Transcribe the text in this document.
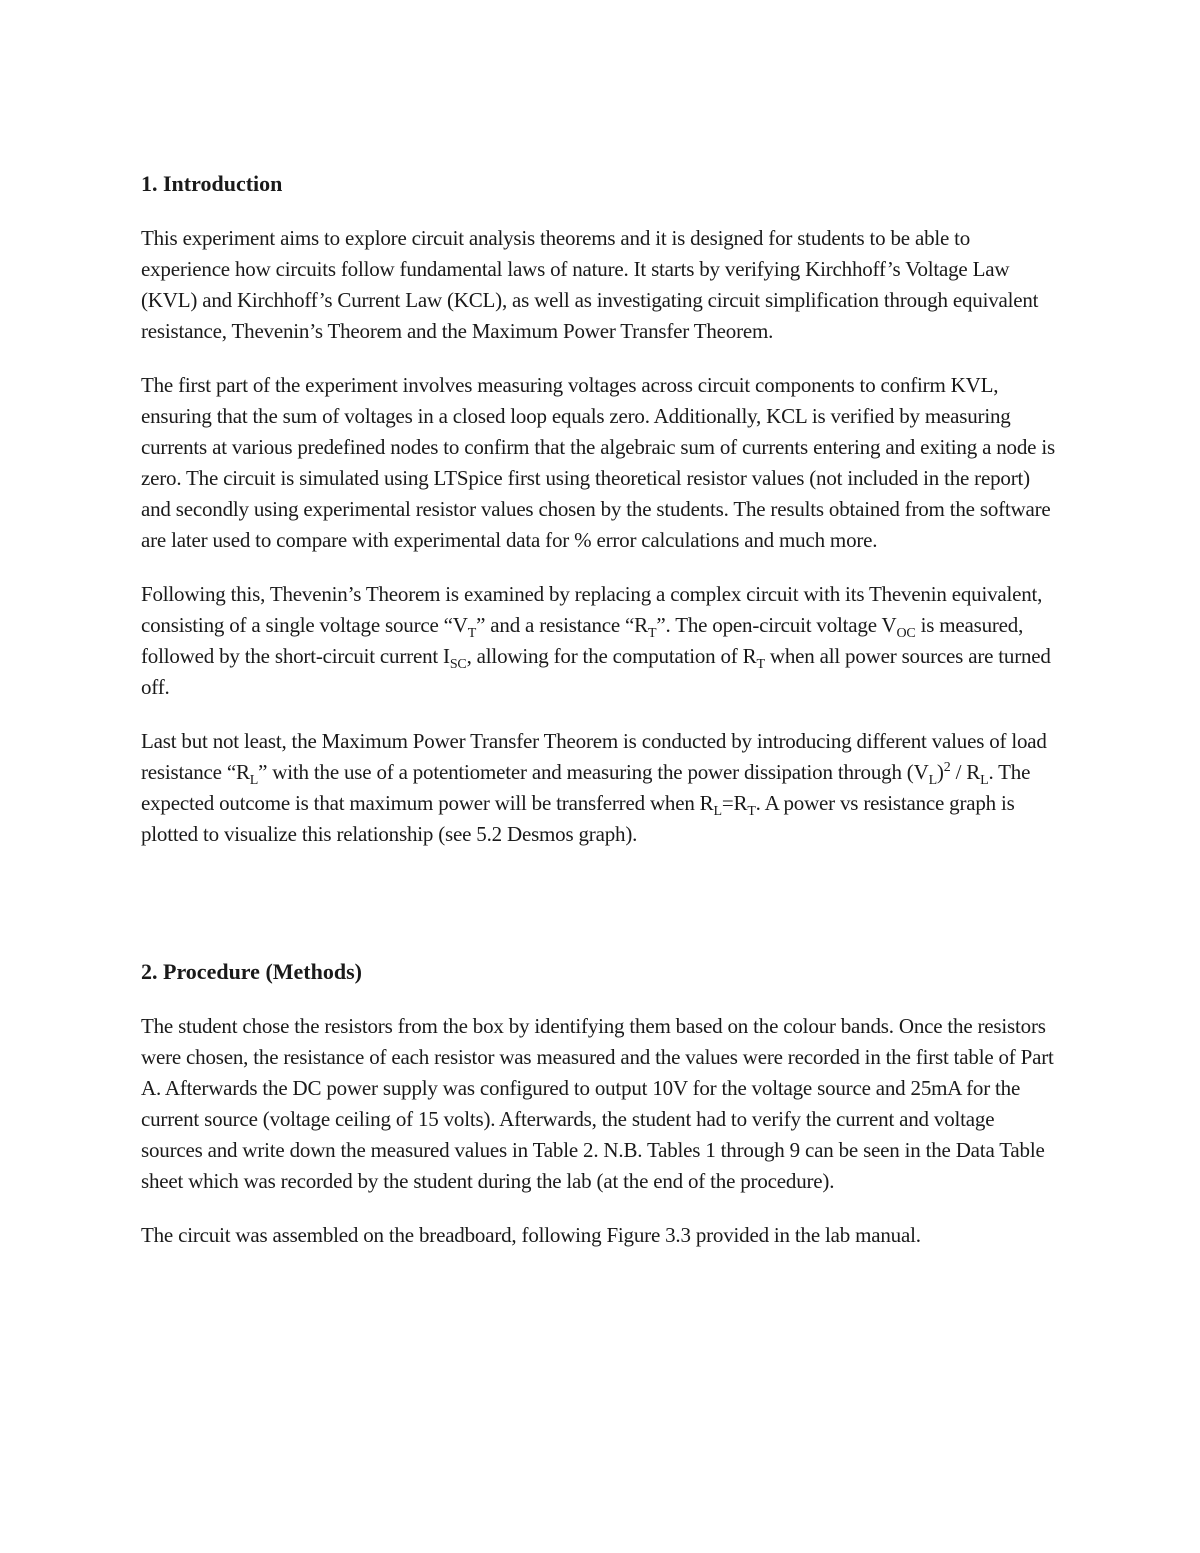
1. Introduction

This experiment aims to explore circuit analysis theorems and it is designed for students to be able to experience how circuits follow fundamental laws of nature. It starts by verifying Kirchhoff’s Voltage Law (KVL) and Kirchhoff’s Current Law (KCL), as well as investigating circuit simplification through equivalent resistance, Thevenin’s Theorem and the Maximum Power Transfer Theorem.

The first part of the experiment involves measuring voltages across circuit components to confirm KVL, ensuring that the sum of voltages in a closed loop equals zero. Additionally, KCL is verified by measuring currents at various predefined nodes to confirm that the algebraic sum of currents entering and exiting a node is zero. The circuit is simulated using LTSpice first using theoretical resistor values (not included in the report) and secondly using experimental resistor values chosen by the students. The results obtained from the software are later used to compare with experimental data for % error calculations and much more.

Following this, Thevenin’s Theorem is examined by replacing a complex circuit with its Thevenin equivalent, consisting of a single voltage source “$V_T$” and a resistance “$R_T$”. The open-circuit voltage $V_{OC}$ is measured, followed by the short-circuit current $I_{SC}$, allowing for the computation of $R_T$ when all power sources are turned off.

Last but not least, the Maximum Power Transfer Theorem is conducted by introducing different values of load resistance “$R_L$” with the use of a potentiometer and measuring the power dissipation through $(V_L)^2 / R_L$. The expected outcome is that maximum power will be transferred when $R_L=R_T$. A power vs resistance graph is plotted to visualize this relationship (see 5.2 Desmos graph).

2. Procedure (Methods)

The student chose the resistors from the box by identifying them based on the colour bands. Once the resistors were chosen, the resistance of each resistor was measured and the values were recorded in the first table of Part A. Afterwards the DC power supply was configured to output 10V for the voltage source and 25mA for the current source (voltage ceiling of 15 volts). Afterwards, the student had to verify the current and voltage sources and write down the measured values in Table 2. N.B. Tables 1 through 9 can be seen in the Data Table sheet which was recorded by the student during the lab (at the end of the procedure).

The circuit was assembled on the breadboard, following Figure 3.3 provided in the lab manual.
